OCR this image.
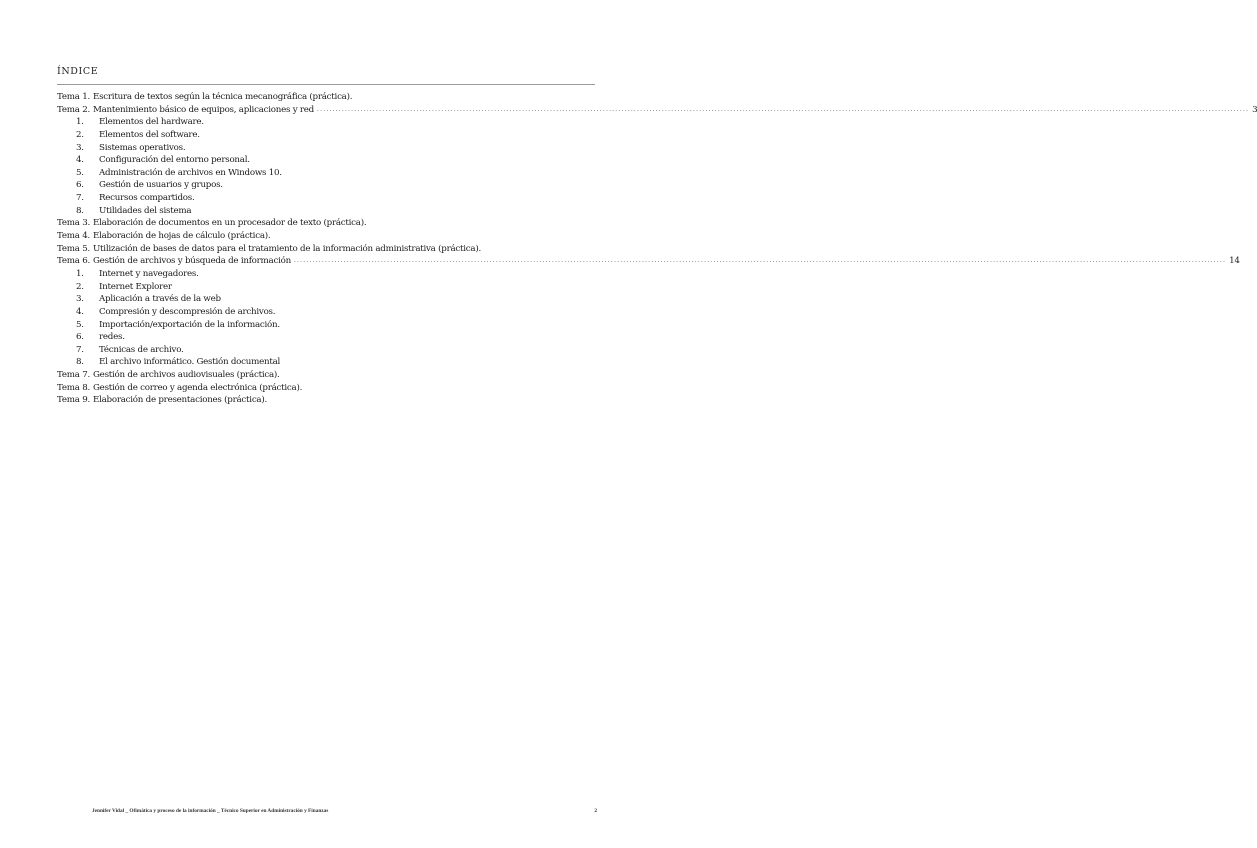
ÍNDICE
Tema 1. Escritura de textos según la técnica mecanográfica (práctica).
Tema 2. Mantenimiento básico de equipos, aplicaciones y red ............................................................................................................................................................................................................................................................................................................ 3
1.	Elementos del hardware.
2.	Elementos del software.
3.	Sistemas operativos.
4.	Configuración del entorno personal.
5.	Administración de archivos en Windows 10.
6.	Gestión de usuarios y grupos.
7.	Recursos compartidos.
8.	Utilidades del sistema
Tema 3. Elaboración de documentos en un procesador de texto (práctica).
Tema 4. Elaboración de hojas de cálculo (práctica).
Tema 5. Utilización de bases de datos para el tratamiento de la información administrativa (práctica).
Tema 6. Gestión de archivos y búsqueda de información ............................................................................................................................................................................................................................................................................................................ 14
1.	Internet y navegadores.
2.	Internet Explorer
3.	Aplicación a través de la web
4.	Compresión y descompresión de archivos.
5.	Importación/exportación de la información.
6.	redes.
7.	Técnicas de archivo.
8.	El archivo informático. Gestión documental
Tema 7. Gestión de archivos audiovisuales (práctica).
Tema 8. Gestión de correo y agenda electrónica (práctica).
Tema 9. Elaboración de presentaciones (práctica).
Jennifer Vidal _ Ofimática y proceso de la información _ Técnico Superior en Administración y Finanzas	2
